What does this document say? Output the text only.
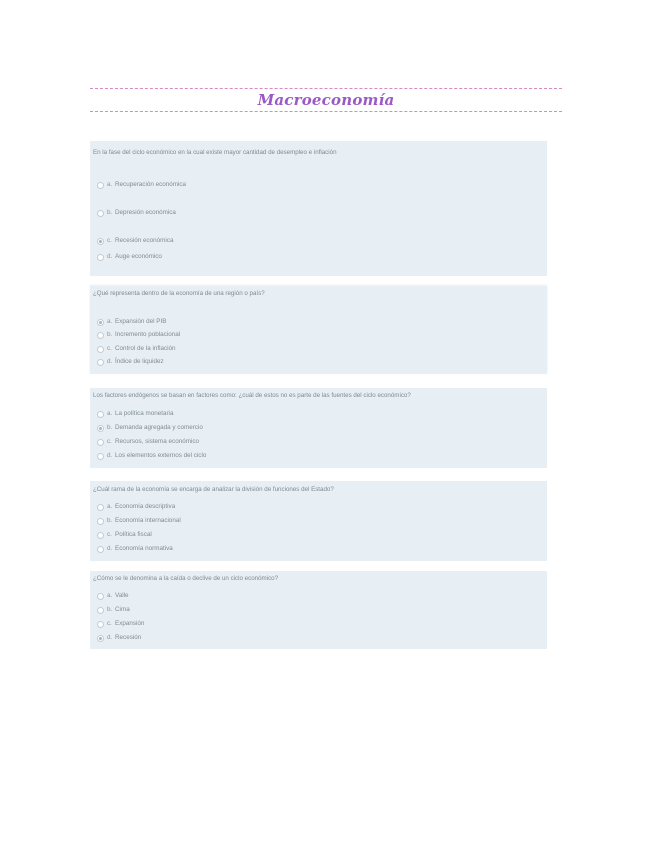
Macroeconomía
En la fase del ciclo económico en la cual existe mayor cantidad de desempleo e inflación
a. Recuperación económica
b. Depresión económica
c. Recesión económica
d. Auge económico
¿Qué representa dentro de la economía de una región o país?
a. Expansión del PIB
b. Incremento poblacional
c. Control de la inflación
d. Índice de liquidez
Los factores endógenos se basan en factores como: ¿cuál de estos no es parte de las fuentes del ciclo económico?
a. La política monetaria
b. Demanda agregada y comercio
c. Recursos, sistema económico
d. Los elementos externos del ciclo
¿Cuál rama de la economía se encarga de analizar la división de funciones del Estado?
a. Economía descriptiva
b. Economía internacional
c. Política fiscal
d. Economía normativa
¿Cómo se le denomina a la caída o declive de un ciclo económico?
a. Valle
b. Cima
c. Expansión
d. Recesión
